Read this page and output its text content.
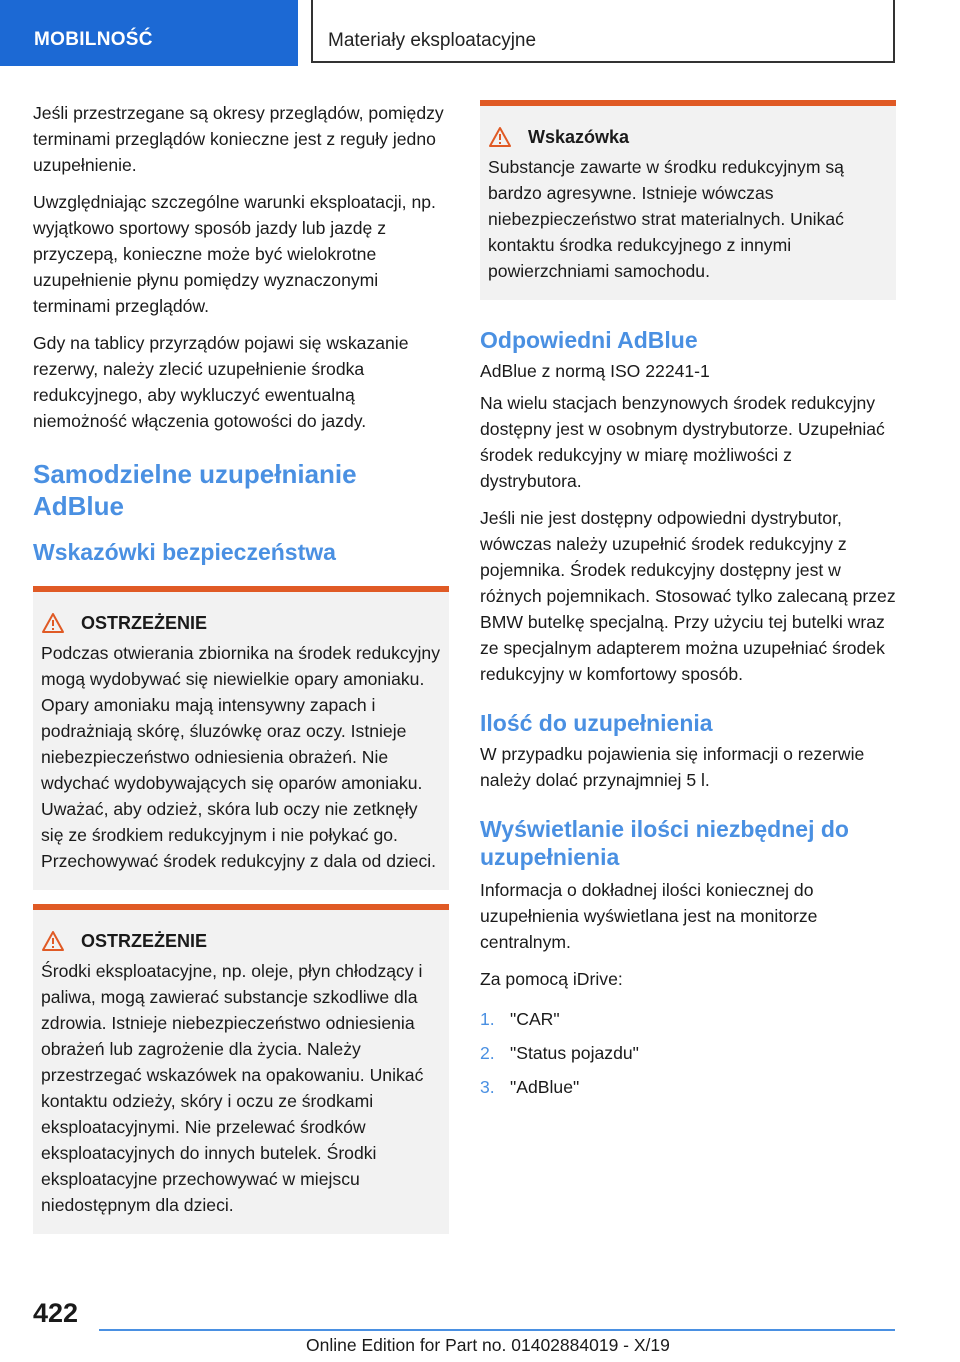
MOBILNOŚĆ	Materiały eksploatacyjne

Jeśli przestrzegane są okresy przeglądów, pomiędzy terminami przeglądów konieczne jest z reguły jedno uzupełnienie.

Uwzględniając szczególne warunki eksploatacji, np. wyjątkowo sportowy sposób jazdy lub jazdę z przyczepą, konieczne może być wielokrotne uzupełnienie płynu pomiędzy wyznaczonymi terminami przeglądów.

Gdy na tablicy przyrządów pojawi się wskazanie rezerwy, należy zlecić uzupełnienie środka redukcyjnego, aby wykluczyć ewentualną niemożność włączenia gotowości do jazdy.

Samodzielne uzupełnianie AdBlue
Wskazówki bezpieczeństwa
OSTRZEŻENIE

Podczas otwierania zbiornika na środek redukcyjny mogą wydobywać się niewielkie opary amoniaku. Opary amoniaku mają intensywny zapach i podrażniają skórę, śluzówkę oraz oczy. Istnieje niebezpieczeństwo odniesienia obrażeń. Nie wdychać wydobywających się oparów amoniaku. Uważać, aby odzież, skóra lub oczy nie zetknęły się ze środkiem redukcyjnym i nie połykać go. Przechowywać środek redukcyjny z dala od dzieci.

OSTRZEŻENIE

Środki eksploatacyjne, np. oleje, płyn chłodzący i paliwa, mogą zawierać substancje szkodliwe dla zdrowia. Istnieje niebezpieczeństwo odniesienia obrażeń lub zagrożenie dla życia. Należy przestrzegać wskazówek na opakowaniu. Unikać kontaktu odzieży, skóry i oczu ze środkami eksploatacyjnymi. Nie przelewać środków eksploatacyjnych do innych butelek. Środki eksploatacyjne przechowywać w miejscu niedostępnym dla dzieci.

Wskazówka

Substancje zawarte w środku redukcyjnym są bardzo agresywne. Istnieje wówczas niebezpieczeństwo strat materialnych. Unikać kontaktu środka redukcyjnego z innymi powierzchniami samochodu.

Odpowiedni AdBlue

AdBlue z normą ISO 22241-1

Na wielu stacjach benzynowych środek redukcyjny dostępny jest w osobnym dystrybutorze. Uzupełniać środek redukcyjny w miarę możliwości z dystrybutora.

Jeśli nie jest dostępny odpowiedni dystrybutor, wówczas należy uzupełnić środek redukcyjny z pojemnika. Środek redukcyjny dostępny jest w różnych pojemnikach. Stosować tylko zalecaną przez BMW butelkę specjalną. Przy użyciu tej butelki wraz ze specjalnym adapterem można uzupełniać środek redukcyjny w komfortowy sposób.

Ilość do uzupełnienia

W przypadku pojawienia się informacji o rezerwie należy dolać przynajmniej 5 l.

Wyświetlanie ilości niezbędnej do uzupełnienia

Informacja o dokładnej ilości koniecznej do uzupełnienia wyświetlana jest na monitorze centralnym.

Za pomocą iDrive:

1. "CAR"
2. "Status pojazdu"
3. "AdBlue"
422
Online Edition for Part no. 01402884019 - X/19
